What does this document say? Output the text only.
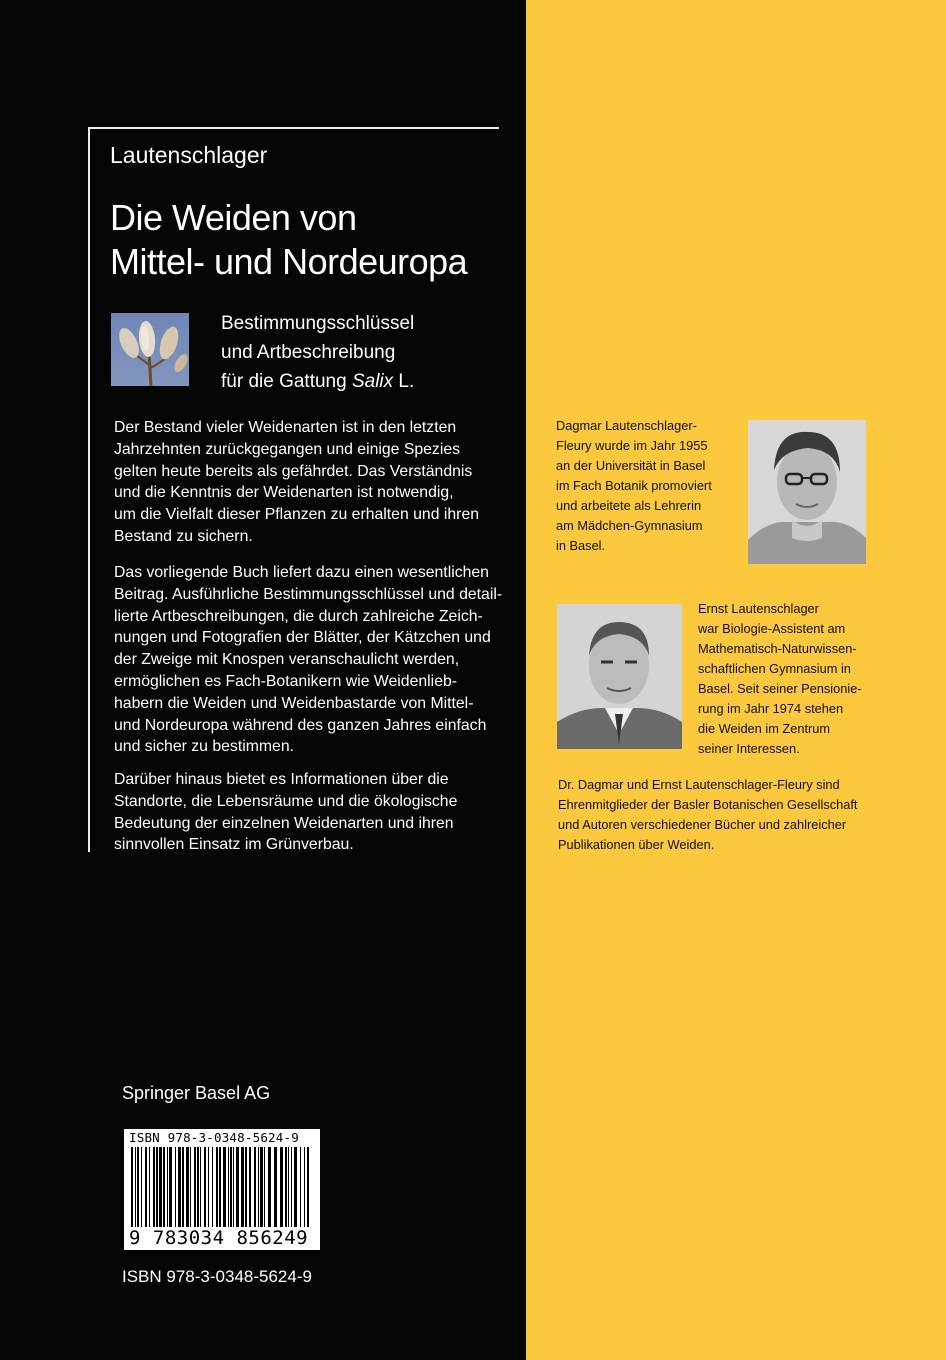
Lautenschlager
Die Weiden von
Mittel- und Nordeuropa
Bestimmungsschlüssel
und Artbeschreibung
für die Gattung Salix L.
Der Bestand vieler Weidenarten ist in den letzten
Jahrzehnten zurückgegangen und einige Spezies
gelten heute bereits als gefährdet. Das Verständnis
und die Kenntnis der Weidenarten ist notwendig,
um die Vielfalt dieser Pflanzen zu erhalten und ihren
Bestand zu sichern.
Das vorliegende Buch liefert dazu einen wesentlichen
Beitrag. Ausführliche Bestimmungsschlüssel und detail-
lierte Artbeschreibungen, die durch zahlreiche Zeich-
nungen und Fotografien der Blätter, der Kätzchen und
der Zweige mit Knospen veranschaulicht werden,
ermöglichen es Fach-Botanikern wie Weidenlieb-
habern die Weiden und Weidenbastarde von Mittel-
und Nordeuropa während des ganzen Jahres einfach
und sicher zu bestimmen.
Darüber hinaus bietet es Informationen über die
Standorte, die Lebensräume und die ökologische
Bedeutung der einzelnen Weidenarten und ihren
sinnvollen Einsatz im Grünverbau.
Springer Basel AG
ISBN 978-3-0348-5624-9
9 783034 856249
ISBN 978-3-0348-5624-9
Dagmar Lautenschlager-
Fleury wurde im Jahr 1955
an der Universität in Basel
im Fach Botanik promoviert
und arbeitete als Lehrerin
am Mädchen-Gymnasium
in Basel.
Ernst Lautenschlager
war Biologie-Assistent am
Mathematisch-Naturwissen-
schaftlichen Gymnasium in
Basel. Seit seiner Pensionie-
rung im Jahr 1974 stehen
die Weiden im Zentrum
seiner Interessen.
Dr. Dagmar und Ernst Lautenschlager-Fleury sind
Ehrenmitglieder der Basler Botanischen Gesellschaft
und Autoren verschiedener Bücher und zahlreicher
Publikationen über Weiden.
